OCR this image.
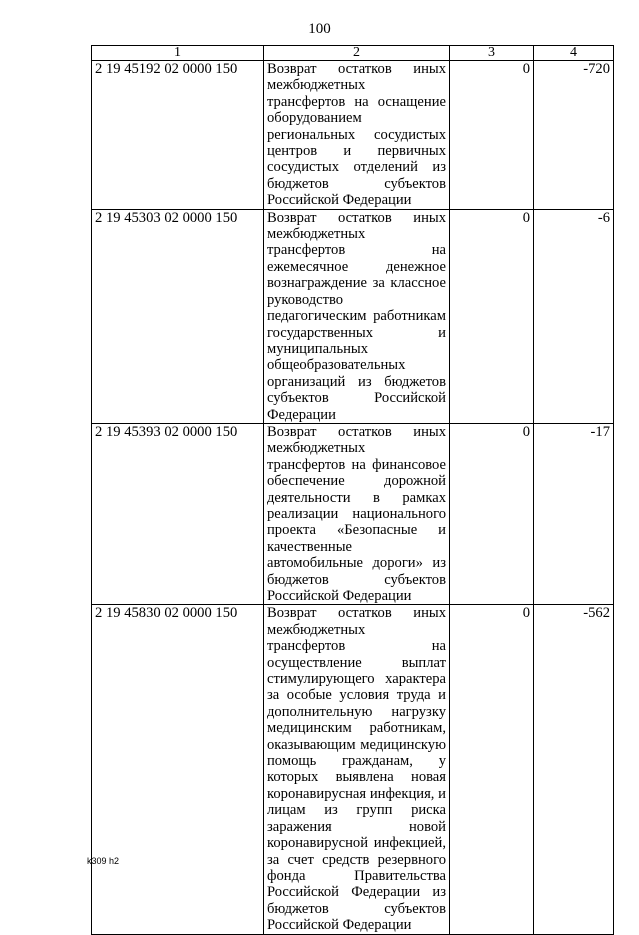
100
1	2	3	4
2 19 45192 02 0000 150	Возврат остатков иных межбюджетных трансфертов на оснащение оборудованием региональных сосудистых центров и первичных сосудистых отделений из бюджетов субъектов Российской Федерации	0	-720
2 19 45303 02 0000 150	Возврат остатков иных межбюджетных трансфертов на ежемесячное денежное вознаграждение за классное руководство педагогическим работникам государственных и муниципальных общеобразовательных организаций из бюджетов субъектов Российской Федерации	0	-6
2 19 45393 02 0000 150	Возврат остатков иных межбюджетных трансфертов на финансовое обеспечение дорожной деятельности в рамках реализации национального проекта «Безопасные и качественные автомобильные дороги» из бюджетов субъектов Российской Федерации	0	-17
2 19 45830 02 0000 150	Возврат остатков иных межбюджетных трансфертов на осуществление выплат стимулирующего характера за особые условия труда и дополнительную нагрузку медицинским работникам, оказывающим медицинскую помощь гражданам, у которых выявлена новая коронавирусная инфекция, и лицам из групп риска заражения новой коронавирусной инфекцией, за счет средств резервного фонда Правительства Российской Федерации из бюджетов субъектов Российской Федерации	0	-562
k309 h2
